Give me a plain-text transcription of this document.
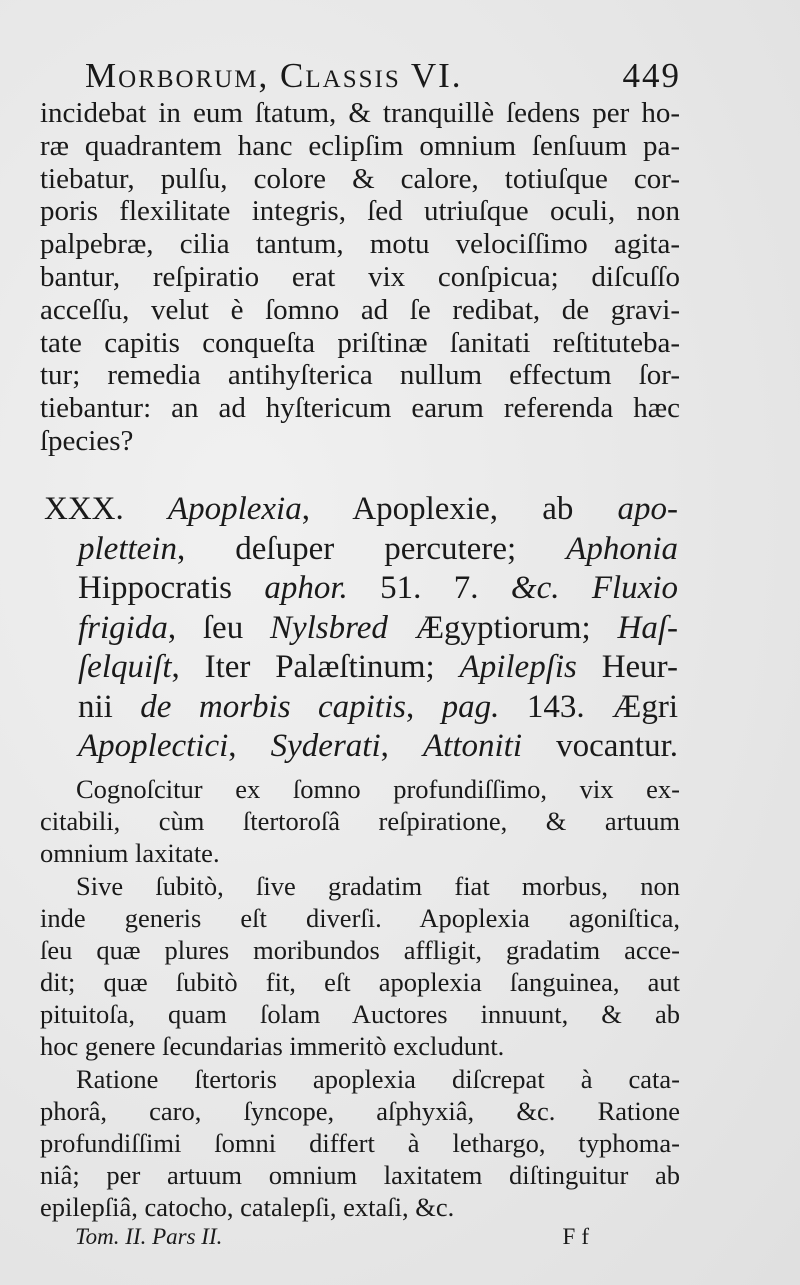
Morborum, Classis VI.	449
incidebat in eum ſtatum, & tranquillè ſedens per ho-
ræ quadrantem hanc eclipſim omnium ſenſuum pa-
tiebatur, pulſu, colore & calore, totiuſque cor-
poris flexilitate integris, ſed utriuſque oculi, non
palpebræ, cilia tantum, motu velociſſimo agita-
bantur, reſpiratio erat vix conſpicua; diſcuſſo
acceſſu, velut è ſomno ad ſe redibat, de gravi-
tate capitis conqueſta priſtinæ ſanitati reſtituteba-
tur; remedia antihyſterica nullum effectum ſor-
tiebantur: an ad hyſtericum earum referenda hæc
ſpecies?
XXX. Apoplexia, Apoplexie, ab apo-
plettein, deſuper percutere; Aphonia
Hippocratis aphor. 51. 7. &c. Fluxio
frigida, ſeu Nylsbred Ægyptiorum; Haſ-
ſelquiſt, Iter Palæſtinum; Apilepſis Heur-
nii de morbis capitis, pag. 143. Ægri
Apoplectici, Syderati, Attoniti vocantur.
Cognoſcitur ex ſomno profundiſſimo, vix ex-
citabili, cùm ſtertoroſâ reſpiratione, & artuum
omnium laxitate.
Sive ſubitò, ſive gradatim fiat morbus, non
inde generis eſt diverſi. Apoplexia agoniſtica,
ſeu quæ plures moribundos affligit, gradatim acce-
dit; quæ ſubitò fit, eſt apoplexia ſanguinea, aut
pituitoſa, quam ſolam Auctores innuunt, & ab
hoc genere ſecundarias immeritò excludunt.
Ratione ſtertoris apoplexia diſcrepat à cata-
phorâ, caro, ſyncope, aſphyxiâ, &c. Ratione
profundiſſimi ſomni differt à lethargo, typhoma-
niâ; per artuum omnium laxitatem diſtinguitur ab
epilepſiâ, catocho, catalepſi, extaſi, &c.
Tom. II. Pars II.	Ff
